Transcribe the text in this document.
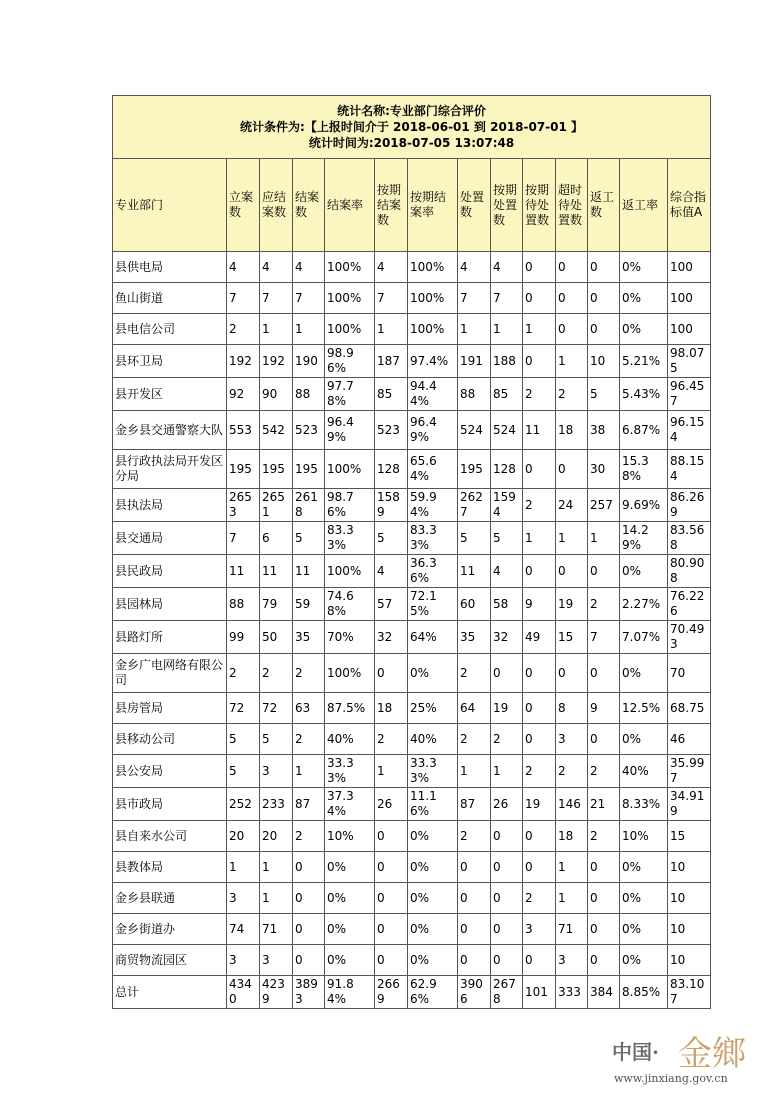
统计名称:专业部门综合评价
统计条件为:【上报时间介于 2018-06-01 到 2018-07-01 】
统计时间为:2018-07-05 13:07:48													

专业部门	立案数	应结案数	结案数	结案率	按期结案数	按期结案率	处置数	按期处置数	按期待处置数	超时待处置数	返工数	返工率	综合指标值A
县供电局	4	4	4	100%	4	100%	4	4	0	0	0	0%	100
鱼山街道	7	7	7	100%	7	100%	7	7	0	0	0	0%	100
县电信公司	2	1	1	100%	1	100%	1	1	1	0	0	0%	100
县环卫局	192	192	190	98.96%	187	97.4%	191	188	0	1	10	5.21%	98.075
县开发区	92	90	88	97.78%	85	94.44%	88	85	2	2	5	5.43%	96.457
金乡县交通警察大队	553	542	523	96.49%	523	96.49%	524	524	11	18	38	6.87%	96.154
县行政执法局开发区分局	195	195	195	100%	128	65.64%	195	128	0	0	30	15.38%	88.154
县执法局	2653	2651	2618	98.76%	1589	59.94%	2627	1594	2	24	257	9.69%	86.269
县交通局	7	6	5	83.33%	5	83.33%	5	5	1	1	1	14.29%	83.568
县民政局	11	11	11	100%	4	36.36%	11	4	0	0	0	0%	80.908
县园林局	88	79	59	74.68%	57	72.15%	60	58	9	19	2	2.27%	76.226
县路灯所	99	50	35	70%	32	64%	35	32	49	15	7	7.07%	70.493
金乡广电网络有限公司	2	2	2	100%	0	0%	2	0	0	0	0	0%	70
县房管局	72	72	63	87.5%	18	25%	64	19	0	8	9	12.5%	68.75
县移动公司	5	5	2	40%	2	40%	2	2	0	3	0	0%	46
县公安局	5	3	1	33.33%	1	33.33%	1	1	2	2	2	40%	35.997
县市政局	252	233	87	37.34%	26	11.16%	87	26	19	146	21	8.33%	34.919
县自来水公司	20	20	2	10%	0	0%	2	0	0	18	2	10%	15
县教体局	1	1	0	0%	0	0%	0	0	0	1	0	0%	10
金乡县联通	3	1	0	0%	0	0%	0	0	2	1	0	0%	10
金乡街道办	74	71	0	0%	0	0%	0	0	3	71	0	0%	10
商贸物流园区	3	3	0	0%	0	0%	0	0	0	3	0	0%	10
总计	4340	4239	3893	91.84%	2669	62.96%	3906	2678	101	333	384	8.85%	83.107
中国· 金鄉
www.jinxiang.gov.cn
